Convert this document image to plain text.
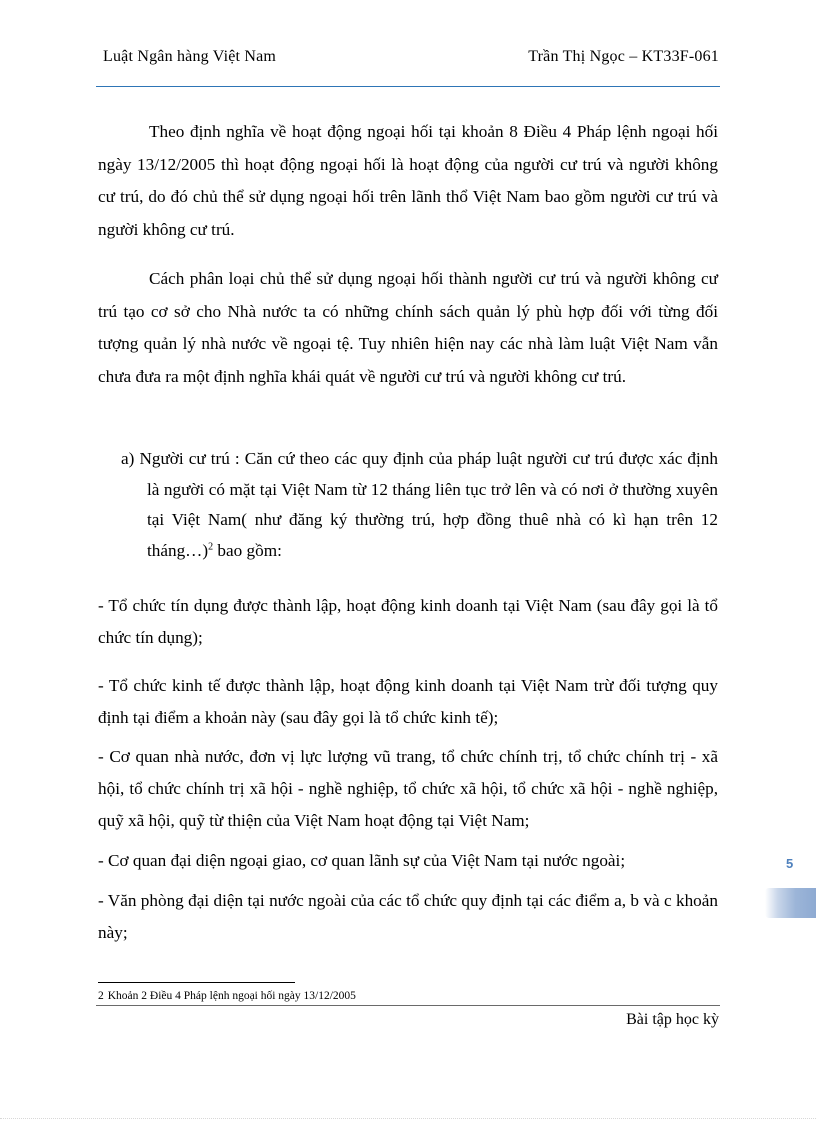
Luật Ngân hàng Việt Nam	Trần Thị Ngọc – KT33F-061

Theo định nghĩa về hoạt động ngoại hối tại khoản 8 Điều 4 Pháp lệnh ngoại hối ngày 13/12/2005 thì hoạt động ngoại hối là hoạt động của người cư trú và người không cư trú, do đó chủ thể sử dụng ngoại hối trên lãnh thổ Việt Nam bao gồm người cư trú và người không cư trú.

Cách phân loại chủ thể sử dụng ngoại hối thành người cư trú và người không cư trú tạo cơ sở cho Nhà nước ta có những chính sách quản lý phù hợp đối với từng đối tượng quản lý nhà nước về ngoại tệ. Tuy nhiên hiện nay các nhà làm luật Việt Nam vẫn chưa đưa ra một định nghĩa khái quát về người cư trú và người không cư trú.

a) Người cư trú : Căn cứ theo các quy định của pháp luật người cư trú được xác định là người có mặt tại Việt Nam từ 12 tháng liên tục trở lên và có nơi ở thường xuyên tại Việt Nam( như đăng ký thường trú, hợp đồng thuê nhà có kì hạn trên 12 tháng…)$^2$ bao gồm:

- Tổ chức tín dụng được thành lập, hoạt động kinh doanh tại Việt Nam (sau đây gọi là tổ chức tín dụng);

- Tổ chức kinh tế được thành lập, hoạt động kinh doanh tại Việt Nam trừ đối tượng quy định tại điểm a khoản này (sau đây gọi là tổ chức kinh tế);

- Cơ quan nhà nước, đơn vị lực lượng vũ trang, tổ chức chính trị, tổ chức chính trị - xã hội, tổ chức chính trị xã hội - nghề nghiệp, tổ chức xã hội, tổ chức xã hội - nghề nghiệp, quỹ xã hội, quỹ từ thiện của Việt Nam hoạt động tại Việt Nam;

- Cơ quan đại diện ngoại giao, cơ quan lãnh sự của Việt Nam tại nước ngoài;

- Văn phòng đại diện tại nước ngoài của các tổ chức quy định tại các điểm a, b và c khoản này;

2 Khoản 2 Điều 4 Pháp lệnh ngoại hối ngày 13/12/2005
Bài tập học kỳ
5
